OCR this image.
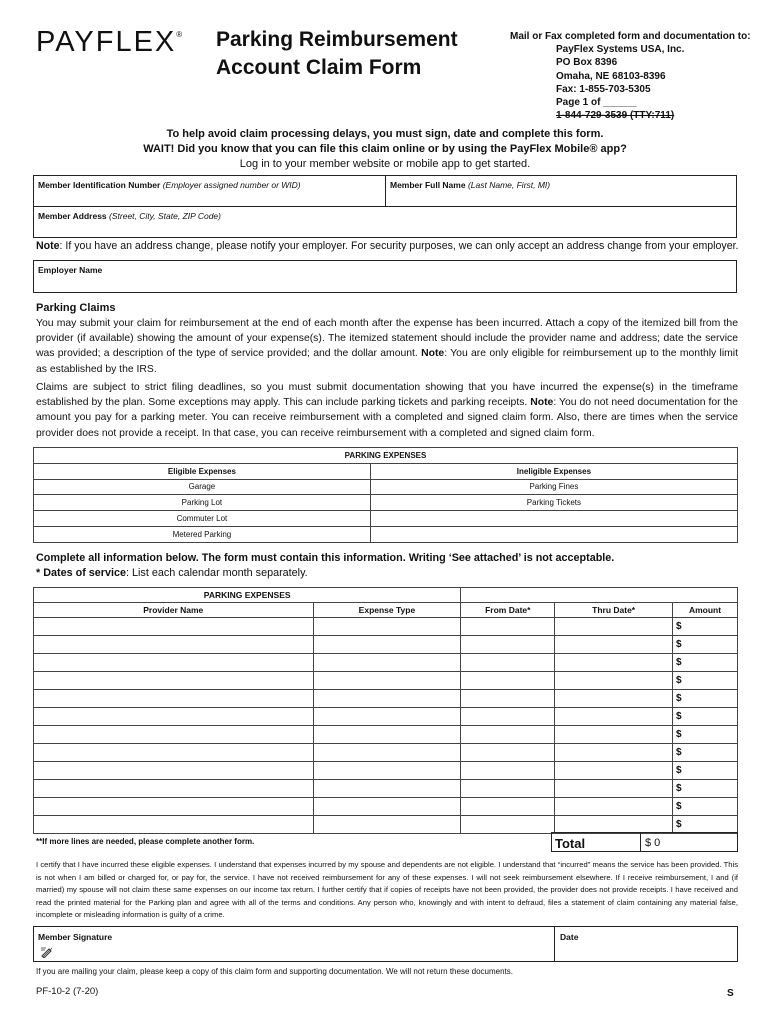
PAYFLEX® Parking Reimbursement
Account Claim Form
Mail or Fax completed form and documentation to:
PayFlex Systems USA, Inc.
PO Box 8396
Omaha, NE 68103-8396
Fax: 1-855-703-5305
Page 1 of ______
1-844-729-3539 (TTY:711)
To help avoid claim processing delays, you must sign, date and complete this form.
WAIT! Did you know that you can file this claim online or by using the PayFlex Mobile® app?
Log in to your member website or mobile app to get started.
Member Identification Number (Employer assigned number or WID)	Member Full Name (Last Name, First, MI)
Member Address (Street, City, State, ZIP Code)
Note: If you have an address change, please notify your employer. For security purposes, we can only accept an address change from your employer.
Employer Name
Parking Claims
You may submit your claim for reimbursement at the end of each month after the expense has been incurred. Attach a copy of the itemized bill from the provider (if available) showing the amount of your expense(s). The itemized statement should include the provider name and address; date the service was provided; a description of the type of service provided; and the dollar amount. Note: You are only eligible for reimbursement up to the monthly limit as established by the IRS.
Claims are subject to strict filing deadlines, so you must submit documentation showing that you have incurred the expense(s) in the timeframe established by the plan. Some exceptions may apply. This can include parking tickets and parking receipts. Note: You do not need documentation for the amount you pay for a parking meter. You can receive reimbursement with a completed and signed claim form. Also, there are times when the service provider does not provide a receipt. In that case, you can receive reimbursement with a completed and signed claim form.
PARKING EXPENSES	
Eligible Expenses	Ineligible Expenses
Garage	Parking Fines
Parking Lot	Parking Tickets
Commuter Lot	
Metered Parking	
Complete all information below. The form must contain this information. Writing ‘See attached’ is not acceptable.
* Dates of service: List each calendar month separately.
PARKING EXPENSES				
Provider Name	Expense Type	From Date*	Thru Date*	Amount
				$
				$
				$
				$
				$
				$
				$
				$
				$
				$
				$
				$
**If more lines are needed, please complete another form.	Total	$ 0
I certify that I have incurred these eligible expenses. I understand that expenses incurred by my spouse and dependents are not eligible. I understand that “incurred” means the service has been provided. This is not when I am billed or charged for, or pay for, the service. I have not received reimbursement for any of these expenses. I will not seek reimbursement elsewhere. If I receive reimbursement, I and (if married) my spouse will not claim these same expenses on our income tax return. I further certify that if copies of receipts have not been provided, the provider does not provide receipts. I have received and read the printed material for the Parking plan and agree with all of the terms and conditions. Any person who, knowingly and with intent to defraud, files a statement of claim containing any material false, incomplete or misleading information is guilty of a crime.
Member Signature	Date
If you are mailing your claim, please keep a copy of this claim form and supporting documentation. We will not return these documents.
PF-10-2 (7-20)	S
